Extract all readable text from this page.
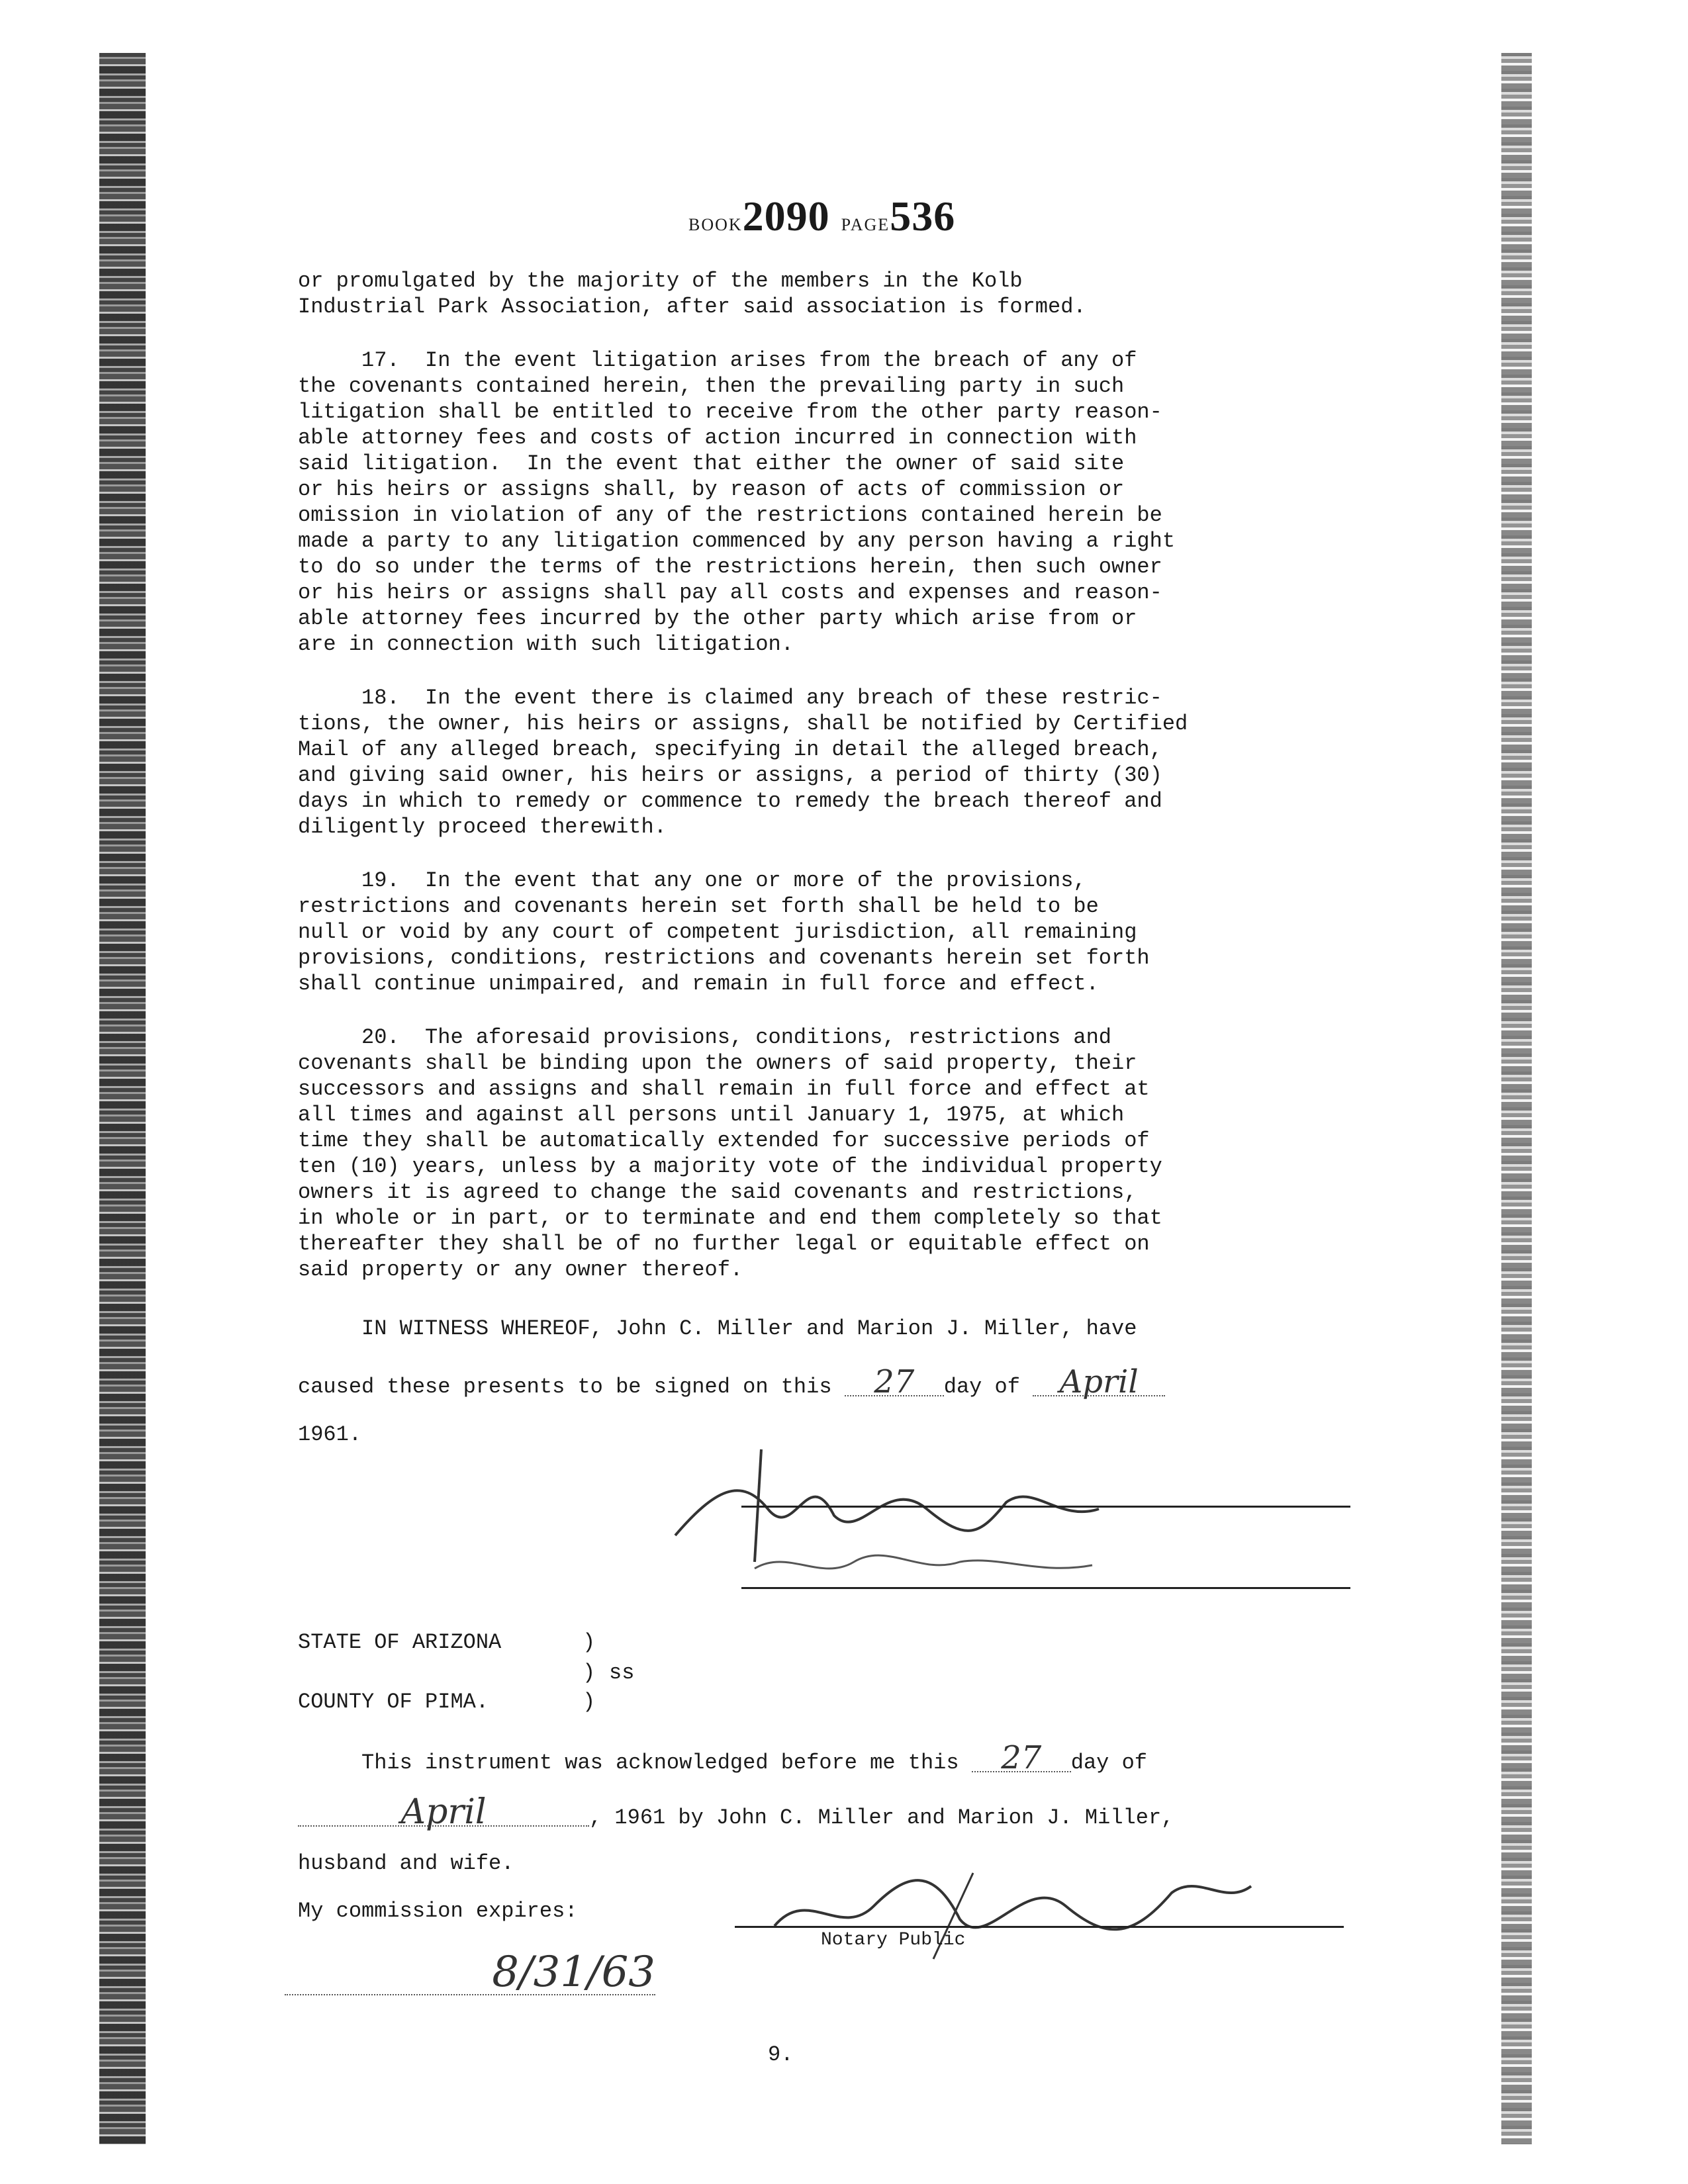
BOOK2090 PAGE536
or promulgated by the majority of the members in the Kolb
Industrial Park Association, after said association is formed.
17.  In the event litigation arises from the breach of any of
the covenants contained herein, then the prevailing party in such
litigation shall be entitled to receive from the other party reason-
able attorney fees and costs of action incurred in connection with
said litigation.  In the event that either the owner of said site
or his heirs or assigns shall, by reason of acts of commission or
omission in violation of any of the restrictions contained herein be
made a party to any litigation commenced by any person having a right
to do so under the terms of the restrictions herein, then such owner
or his heirs or assigns shall pay all costs and expenses and reason-
able attorney fees incurred by the other party which arise from or
are in connection with such litigation.
18.  In the event there is claimed any breach of these restric-
tions, the owner, his heirs or assigns, shall be notified by Certified
Mail of any alleged breach, specifying in detail the alleged breach,
and giving said owner, his heirs or assigns, a period of thirty (30)
days in which to remedy or commence to remedy the breach thereof and
diligently proceed therewith.
19.  In the event that any one or more of the provisions,
restrictions and covenants herein set forth shall be held to be
null or void by any court of competent jurisdiction, all remaining
provisions, conditions, restrictions and covenants herein set forth
shall continue unimpaired, and remain in full force and effect.
20.  The aforesaid provisions, conditions, restrictions and
covenants shall be binding upon the owners of said property, their
successors and assigns and shall remain in full force and effect at
all times and against all persons until January 1, 1975, at which
time they shall be automatically extended for successive periods of
ten (10) years, unless by a majority vote of the individual property
owners it is agreed to change the said covenants and restrictions,
in whole or in part, or to terminate and end them completely so that
thereafter they shall be of no further legal or equitable effect on
said property or any owner thereof.
IN WITNESS WHEREOF, John C. Miller and Marion J. Miller, have
caused these presents to be signed on this 27 day of April
1961.
STATE OF ARIZONA	)
) ss
COUNTY OF PIMA.	)
This instrument was acknowledged before me this 27 day of
April	, 1961 by John C. Miller and Marion J. Miller,
husband and wife.
My commission expires:
Notary Public
8/31/63
9.
